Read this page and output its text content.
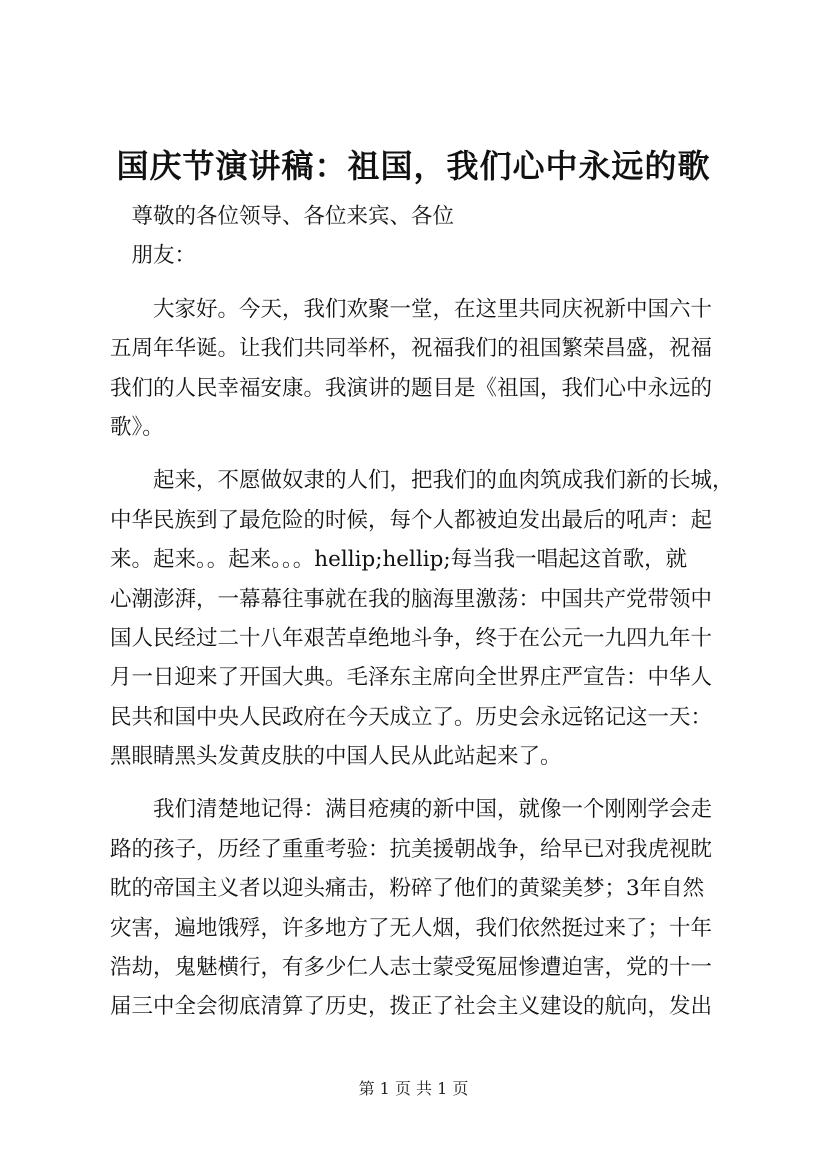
国庆节演讲稿：祖国，我们心中永远的歌
　尊敬的各位领导、各位来宾、各位
　朋友：
　　大家好。今天，我们欢聚一堂，在这里共同庆祝新中国六十
五周年华诞。让我们共同举杯，祝福我们的祖国繁荣昌盛，祝福
我们的人民幸福安康。我演讲的题目是《祖国，我们心中永远的
歌》。
　　起来，不愿做奴隶的人们，把我们的血肉筑成我们新的长城，
中华民族到了最危险的时候，每个人都被迫发出最后的吼声：起
来。起来。。起来。。。hellip;hellip;每当我一唱起这首歌，就
心潮澎湃，一幕幕往事就在我的脑海里激荡：中国共产党带领中
国人民经过二十八年艰苦卓绝地斗争，终于在公元一九四九年十
月一日迎来了开国大典。毛泽东主席向全世界庄严宣告：中华人
民共和国中央人民政府在今天成立了。历史会永远铭记这一天：
黑眼睛黑头发黄皮肤的中国人民从此站起来了。
　　我们清楚地记得：满目疮痍的新中国，就像一个刚刚学会走
路的孩子，历经了重重考验：抗美援朝战争，给早已对我虎视眈
眈的帝国主义者以迎头痛击，粉碎了他们的黄粱美梦；3年自然
灾害，遍地饿殍，许多地方了无人烟，我们依然挺过来了；十年
浩劫，鬼魅横行，有多少仁人志士蒙受冤屈惨遭迫害，党的十一
届三中全会彻底清算了历史，拨正了社会主义建设的航向，发出
第 1 页 共 1 页
